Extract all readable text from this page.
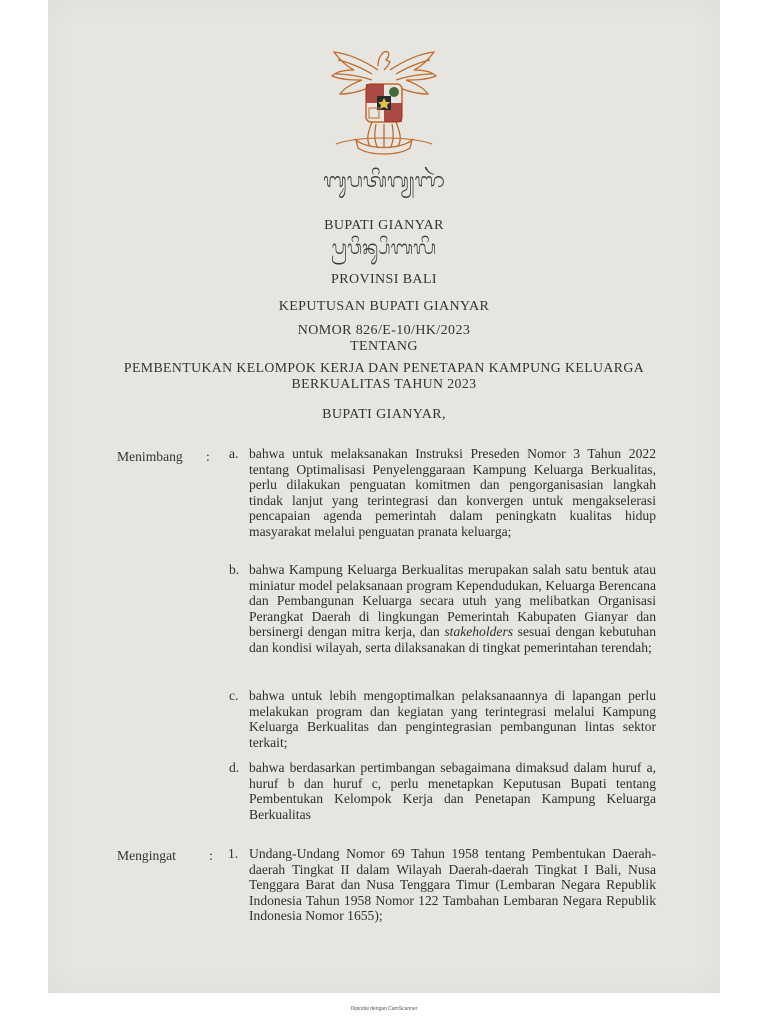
ᬩᬸᬧᬢᬶᬕ᭄ᬬᬜᬃ
BUPATI GIANYAR
ᬧ᭄ᬭᬯᬶᬦ᭄ᬲᬶᬩᬮᬶ
PROVINSI BALI
KEPUTUSAN BUPATI GIANYAR
NOMOR 826/E-10/HK/2023
TENTANG
PEMBENTUKAN KELOMPOK KERJA DAN PENETAPAN KAMPUNG KELUARGA
BERKUALITAS TAHUN 2023
BUPATI GIANYAR,
Menimbang : a. bahwa untuk melaksanakan Instruksi Preseden Nomor 3 Tahun 2022 tentang Optimalisasi Penyelenggaraan Kampung Keluarga Berkualitas, perlu dilakukan penguatan komitmen dan pengorganisasian langkah tindak lanjut yang terintegrasi dan konvergen untuk mengakselerasi pencapaian agenda pemerintah dalam peningkatn kualitas hidup masyarakat melalui penguatan pranata keluarga;
b. bahwa Kampung Keluarga Berkualitas merupakan salah satu bentuk atau miniatur model pelaksanaan program Kependudukan, Keluarga Berencana dan Pembangunan Keluarga secara utuh yang melibatkan Organisasi Perangkat Daerah di lingkungan Pemerintah Kabupaten Gianyar dan bersinergi dengan mitra kerja, dan stakeholders sesuai dengan kebutuhan dan kondisi wilayah, serta dilaksanakan di tingkat pemerintahan terendah;
c. bahwa untuk lebih mengoptimalkan pelaksanaannya di lapangan perlu melakukan program dan kegiatan yang terintegrasi melalui Kampung Keluarga Berkualitas dan pengintegrasian pembangunan lintas sektor terkait;
d. bahwa berdasarkan pertimbangan sebagaimana dimaksud dalam huruf a, huruf b dan huruf c, perlu menetapkan Keputusan Bupati tentang Pembentukan Kelompok Kerja dan Penetapan Kampung Keluarga Berkualitas
Mengingat : 1. Undang-Undang Nomor 69 Tahun 1958 tentang Pembentukan Daerah-daerah Tingkat II dalam Wilayah Daerah-daerah Tingkat I Bali, Nusa Tenggara Barat dan Nusa Tenggara Timur (Lembaran Negara Republik Indonesia Tahun 1958 Nomor 122 Tambahan Lembaran Negara Republik Indonesia Nomor 1655);
Dipindai dengan CamScanner
